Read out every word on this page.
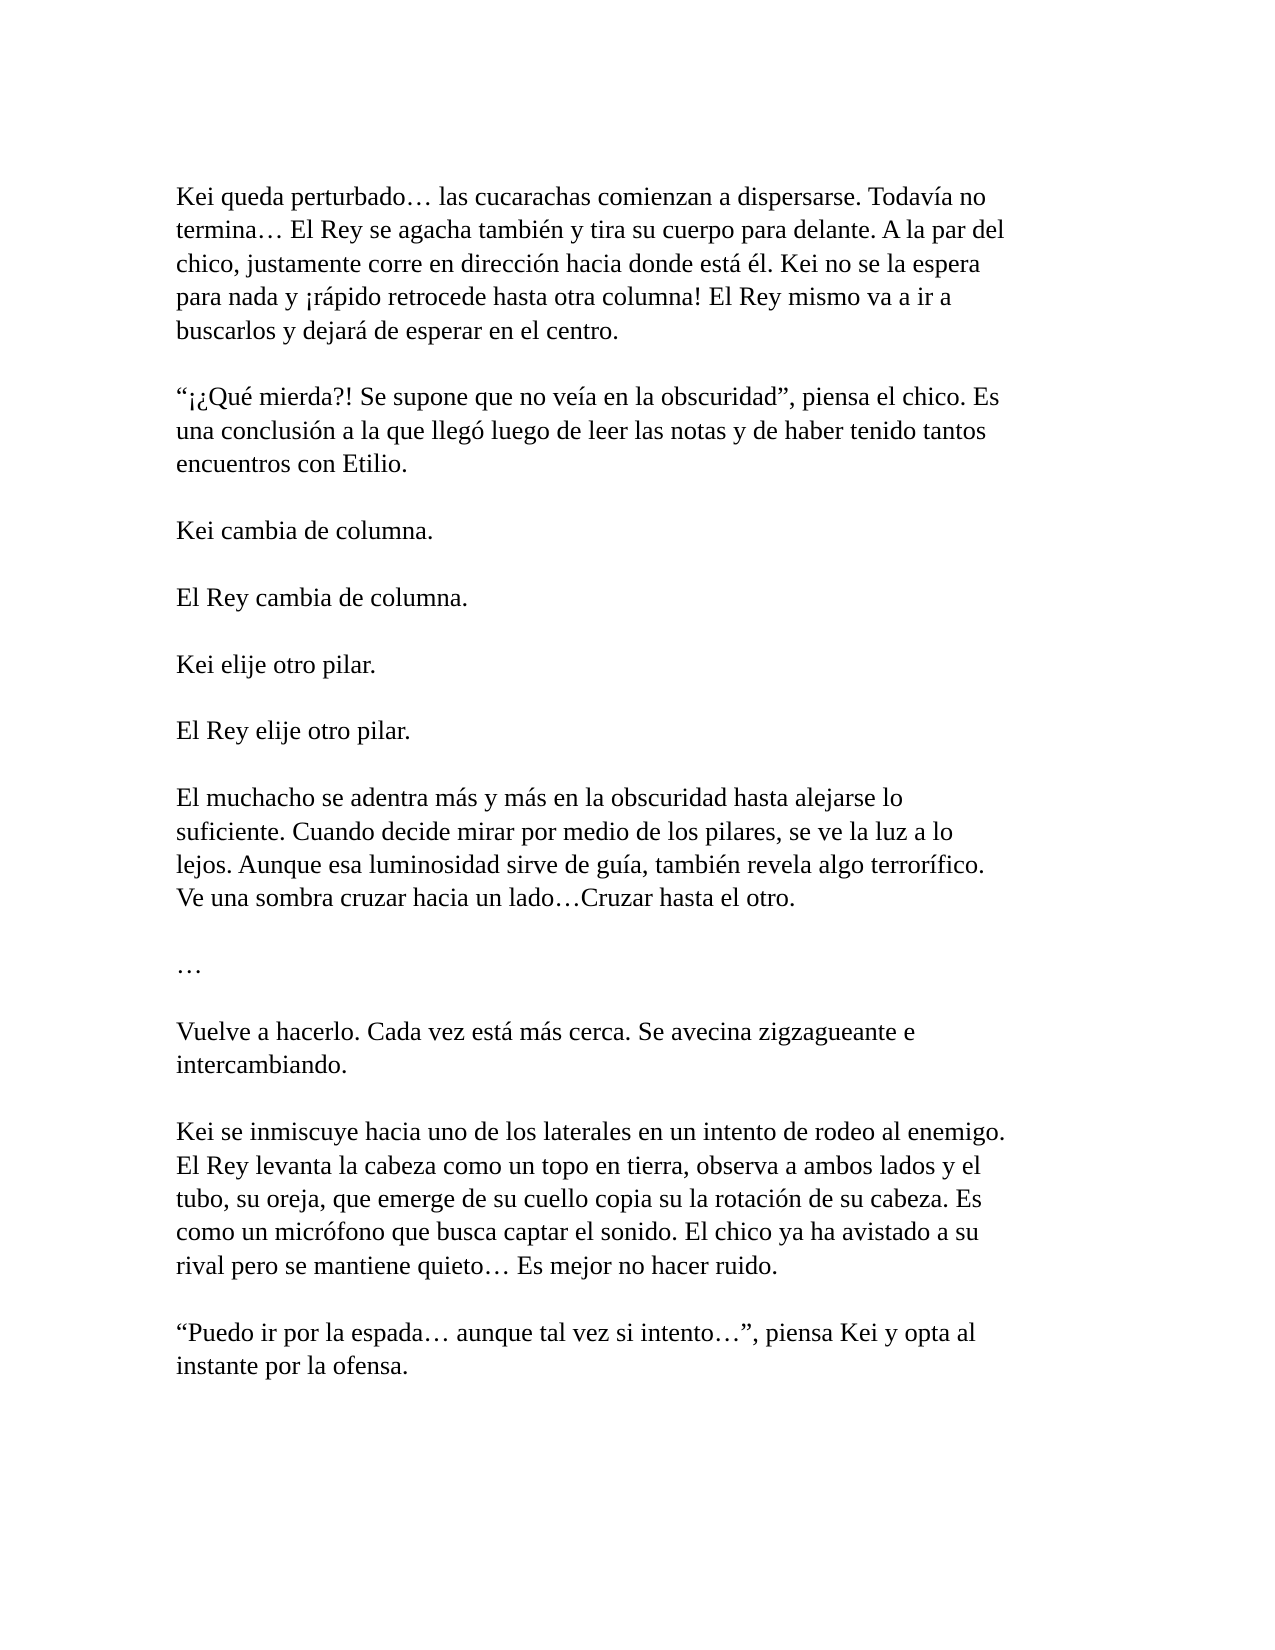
Kei queda perturbado… las cucarachas comienzan a dispersarse. Todavía no
termina… El Rey se agacha también y tira su cuerpo para delante. A la par del
chico, justamente corre en dirección hacia donde está él. Kei no se la espera
para nada y ¡rápido retrocede hasta otra columna! El Rey mismo va a ir a
buscarlos y dejará de esperar en el centro.

“¡¿Qué mierda?! Se supone que no veía en la obscuridad”, piensa el chico. Es
una conclusión a la que llegó luego de leer las notas y de haber tenido tantos
encuentros con Etilio.

Kei cambia de columna.

El Rey cambia de columna.

Kei elije otro pilar.

El Rey elije otro pilar.

El muchacho se adentra más y más en la obscuridad hasta alejarse lo
suficiente. Cuando decide mirar por medio de los pilares, se ve la luz a lo
lejos. Aunque esa luminosidad sirve de guía, también revela algo terrorífico.
Ve una sombra cruzar hacia un lado…Cruzar hasta el otro.

…

Vuelve a hacerlo. Cada vez está más cerca. Se avecina zigzagueante e
intercambiando.

Kei se inmiscuye hacia uno de los laterales en un intento de rodeo al enemigo.
El Rey levanta la cabeza como un topo en tierra, observa a ambos lados y el
tubo, su oreja, que emerge de su cuello copia su la rotación de su cabeza. Es
como un micrófono que busca captar el sonido. El chico ya ha avistado a su
rival pero se mantiene quieto… Es mejor no hacer ruido.

“Puedo ir por la espada… aunque tal vez si intento…”, piensa Kei y opta al
instante por la ofensa.
